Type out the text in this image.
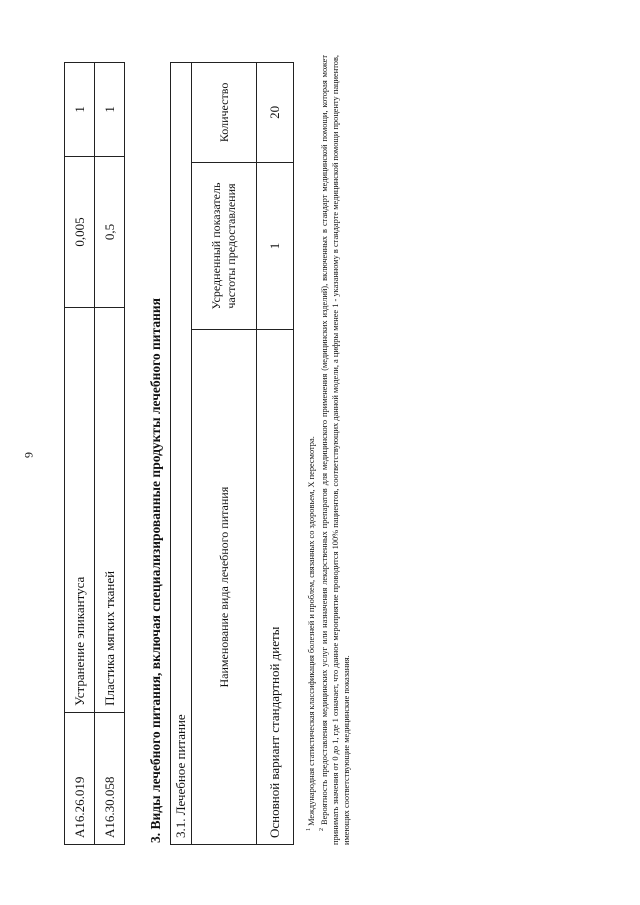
6
A16.26.019	Устранение эпикантуса	0,005	1
A16.30.058	Пластика мягких тканей	0,5	1
3. Виды лечебного питания, включая специализированные продукты лечебного питания 3.1. Лечебное питание		
Наименование вида лечебного питания	Усредненный показатель частоты предоставления	Количество
Основной вариант стандартной диеты	1	20

$^1$ Международная статистическая классификация болезней и проблем, связанных со здоровьем, X пересмотра.

$^2$ Вероятность предоставления медицинских услуг или назначения лекарственных препаратов для медицинского применения (медицинских изделий), включенных в стандарт медицинской помощи, которая может принимать значения от 0 до 1, где 1 означает, что данное мероприятие проводится 100% пациентов, соответствующих данной модели, а цифры менее 1 - указанному в стандарте медицинской помощи проценту пациентов, имеющих соответствующие медицинские показания.
